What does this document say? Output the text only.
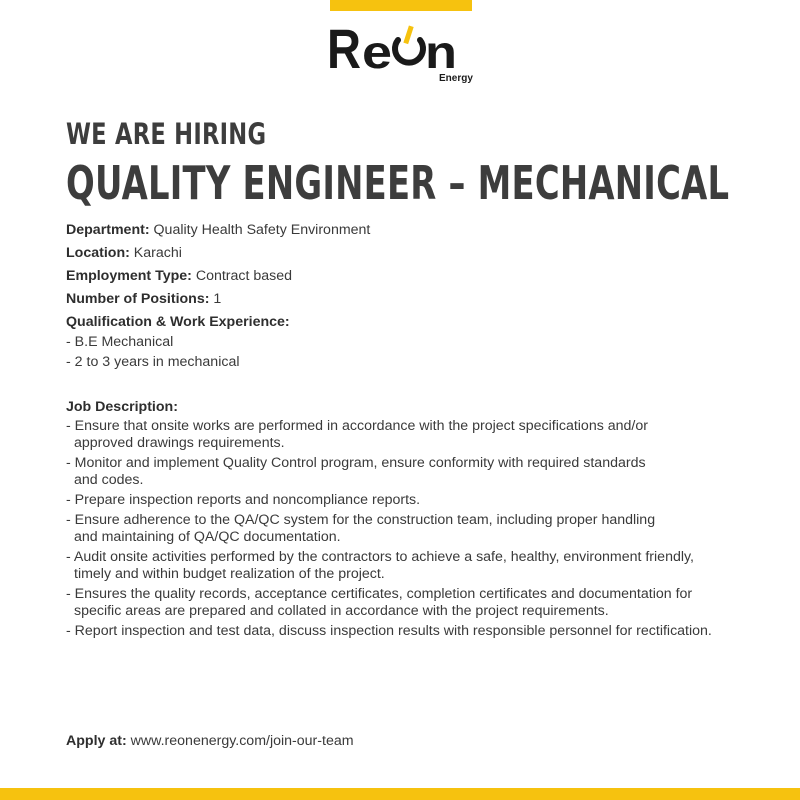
R e n
Energy
WE ARE HIRING
QUALITY ENGINEER – MECHANICAL
Department: Quality Health Safety Environment
Location: Karachi
Employment Type: Contract based
Number of Positions: 1
Qualification & Work Experience:
- B.E Mechanical
- 2 to 3 years in mechanical
Job Description:
- Ensure that onsite works are performed in accordance with the project specifications and/or
approved drawings requirements.
- Monitor and implement Quality Control program, ensure conformity with required standards
and codes.
- Prepare inspection reports and noncompliance reports.
- Ensure adherence to the QA/QC system for the construction team, including proper handling
and maintaining of QA/QC documentation.
- Audit onsite activities performed by the contractors to achieve a safe, healthy, environment friendly,
timely and within budget realization of the project.
- Ensures the quality records, acceptance certificates, completion certificates and documentation for
specific areas are prepared and collated in accordance with the project requirements.
- Report inspection and test data, discuss inspection results with responsible personnel for rectification.
Apply at: www.reonenergy.com/join-our-team
